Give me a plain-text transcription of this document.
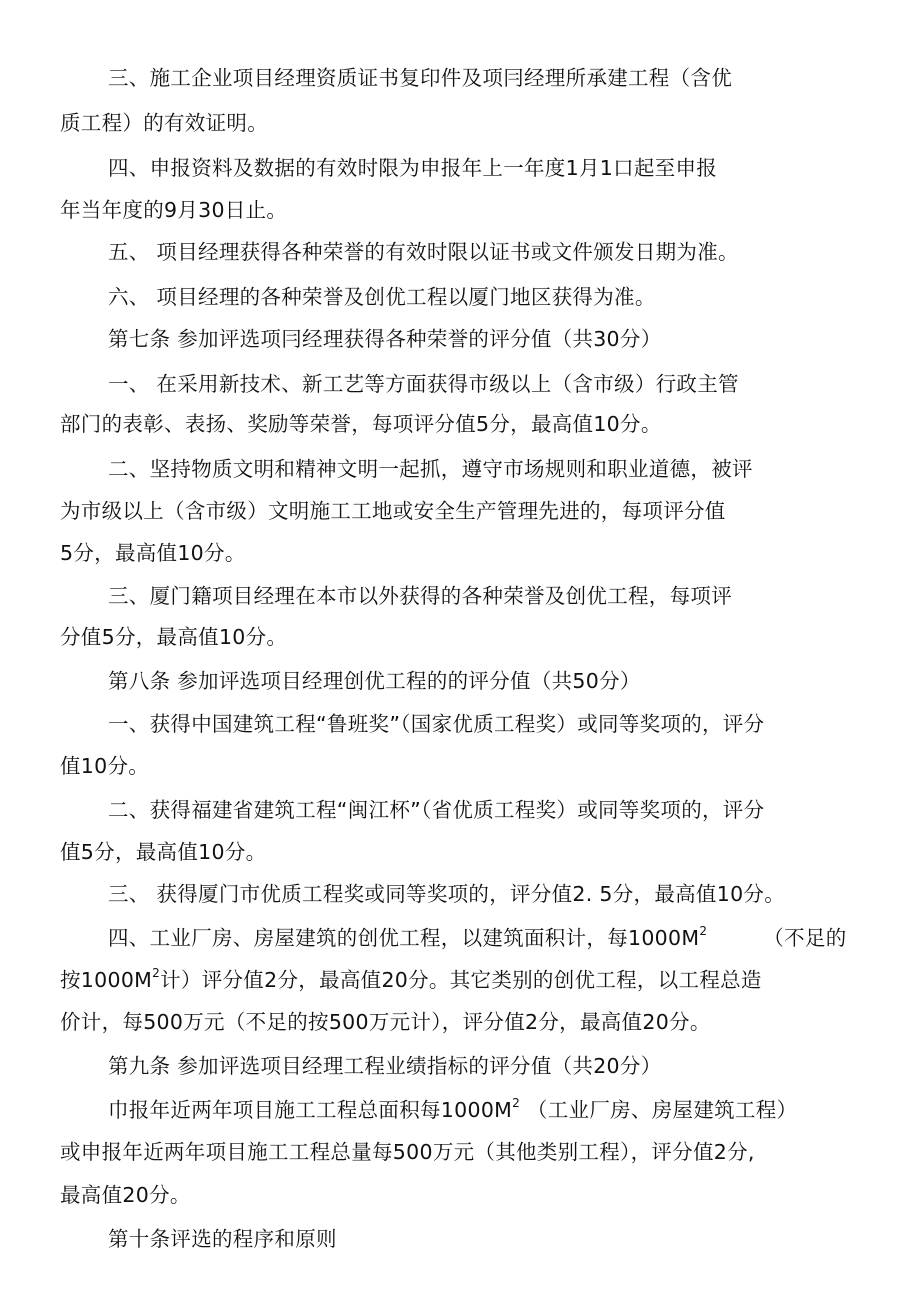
三、施工企业项目经理资质证书复印件及项冃经理所承建工程（含优
质工程）的有效证明。
四、申报资料及数据的有效时限为申报年上一年度1月1口起至申报
年当年度的9月30日止。
五、 项目经理获得各种荣誉的有效时限以证书或文件颁发日期为准。
六、 项目经理的各种荣誉及创优工程以厦门地区获得为准。
第七条 参加评选项冃经理获得各种荣誉的评分值（共30分）
一、 在采用新技术、新工艺等方面获得市级以上（含市级）行政主管
部门的表彰、表扬、奖励等荣誉，每项评分值5分，最高值10分。
二、坚持物质文明和精神文明一起抓，遵守市场规则和职业道德，被评
为市级以上（含市级）文明施工工地或安全生产管理先进的，每项评分值
5分，最高值10分。
三、厦门籍项目经理在本市以外获得的各种荣誉及创优工程，每项评
分值5分，最高值10分。
第八条 参加评选项目经理创优工程的的评分值（共50分）
一、获得中国建筑工程“鲁班奖”（国家优质工程奖）或同等奖项的，评分
值10分。
二、获得福建省建筑工程“闽江杯”（省优质工程奖）或同等奖项的，评分
值5分，最高值10分。
三、 获得厦门市优质工程奖或同等奖项的，评分值2. 5分，最高值10分。
四、工业厂房、房屋建筑的创优工程，以建筑面积计，每$1000M^2$	（不足的
按$1000M^2$计）评分值2分，最高值20分。其它类别的创优工程，以工程总造
价计，每500万元（不足的按500万元计），评分值2分，最高值20分。
第九条 参加评选项目经理工程业绩指标的评分值（共20分）
巾报年近两年项目施工工程总面积每$1000M^2$ （工业厂房、房屋建筑工程）
或申报年近两年项目施工工程总量每500万元（其他类别工程），评分值2分,
最高值20分。
第十条评选的程序和原则
